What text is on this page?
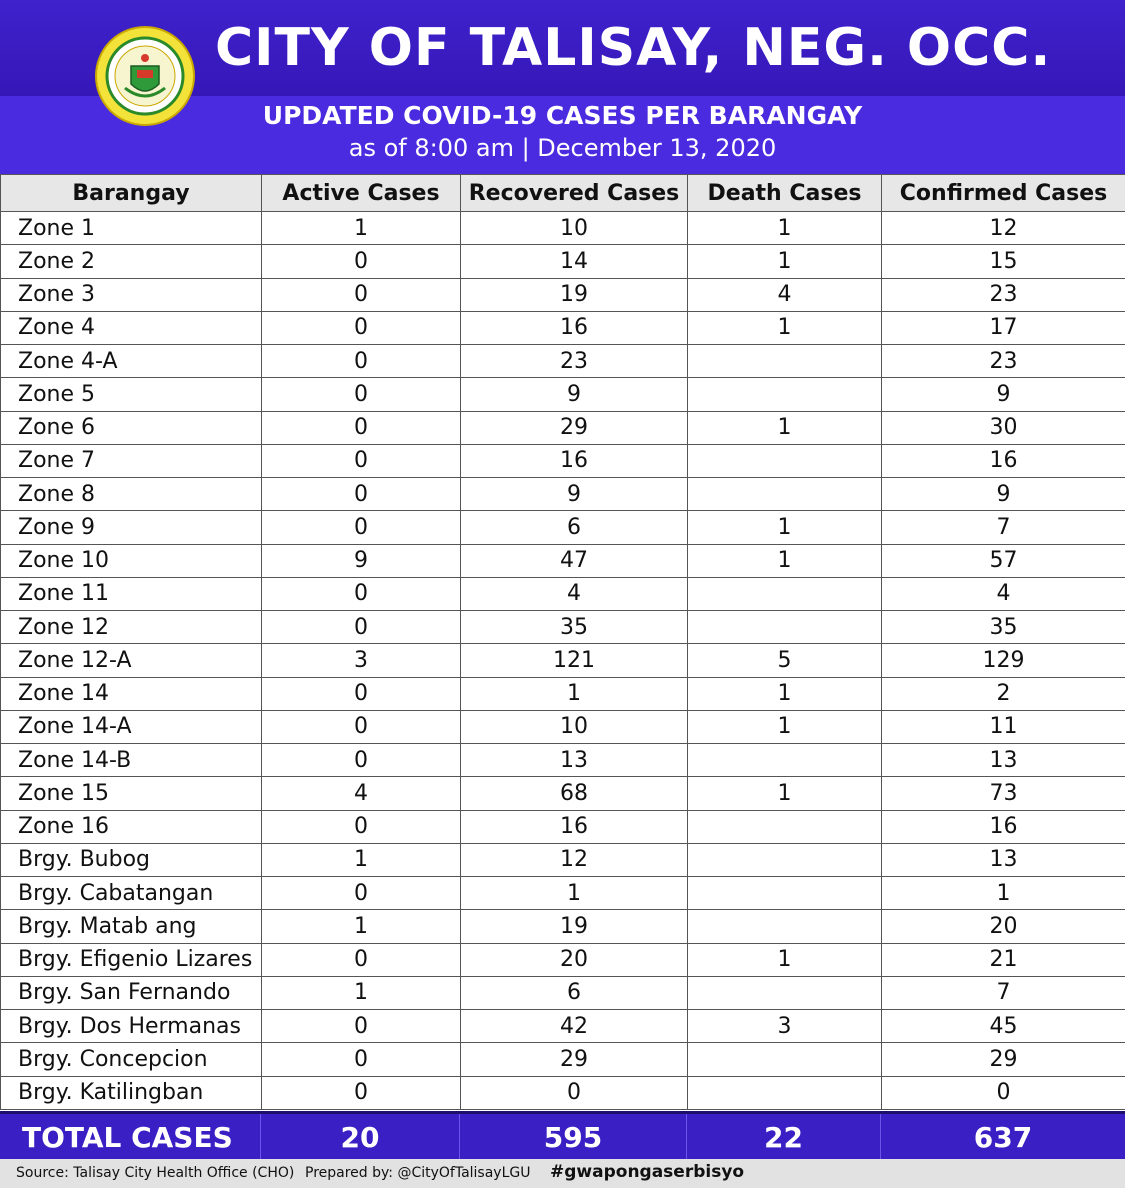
CITY OF TALISAY, NEG. OCC.
UPDATED COVID-19 CASES PER BARANGAY
as of 8:00 am | December 13, 2020
Barangay	Active Cases	Recovered Cases	Death Cases	Confirmed Cases
Zone 1	1	10	1	12
Zone 2	0	14	1	15
Zone 3	0	19	4	23
Zone 4	0	16	1	17
Zone 4-A	0	23		23
Zone 5	0	9		9
Zone 6	0	29	1	30
Zone 7	0	16		16
Zone 8	0	9		9
Zone 9	0	6	1	7
Zone 10	9	47	1	57
Zone 11	0	4		4
Zone 12	0	35		35
Zone 12-A	3	121	5	129
Zone 14	0	1	1	2
Zone 14-A	0	10	1	11
Zone 14-B	0	13		13
Zone 15	4	68	1	73
Zone 16	0	16		16
Brgy. Bubog	1	12		13
Brgy. Cabatangan	0	1		1
Brgy. Matab ang	1	19		20
Brgy. Efigenio Lizares	0	20	1	21
Brgy. San Fernando	1	6		7
Brgy. Dos Hermanas	0	42	3	45
Brgy. Concepcion	0	29		29
Brgy. Katilingban	0	0		0
TOTAL CASES	20	595	22	637
Source: Talisay City Health Office (CHO) Prepared by: @CityOfTalisayLGU #gwapongaserbisyo
